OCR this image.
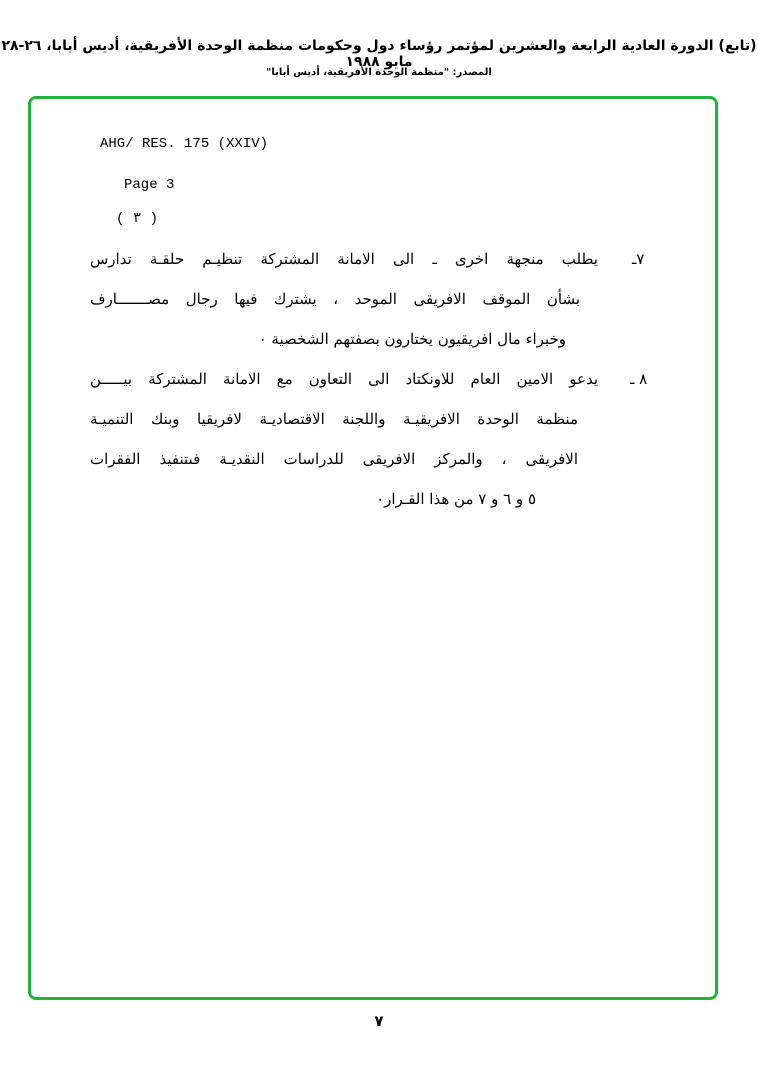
(تابع) الدورة العادية الرابعة والعشرين لمؤتمر رؤساء دول وحكومات منظمة الوحدة الأفريقية، أديس أبابا، ٢٦-٢٨ مايو ١٩٨٨
المصدر: "منظمة الوحدة الأفريقية، أديس أبابا"
AHG/ RES. 175 (XXIV)
Page 3
( ٣ )
٧ـ
يطلب منجهة اخرى ـ الى الامانة المشتركة تنظيـم حلقـة تدارس
بشأن الموقف الافريقى الموحد ، يشترك فيها رجال مصـــــــارف
وخبراء مال افريقيون يختارون بصفتهم الشخصية ٠
٨ ـ
يدعو الامين العام للاونكتاد الى التعاون مع الامانة المشتركة بيـــــن
منظمة الوحدة الافريقيـة واللجنة الاقتصاديـة لافريقيا وبنك التنميـة
الافريقى ، والمركز الافريقى للدراسات النقديـة فىتنفيذ الفقرات
٥ و ٦ و ٧ من هذا القـرار٠
٧
